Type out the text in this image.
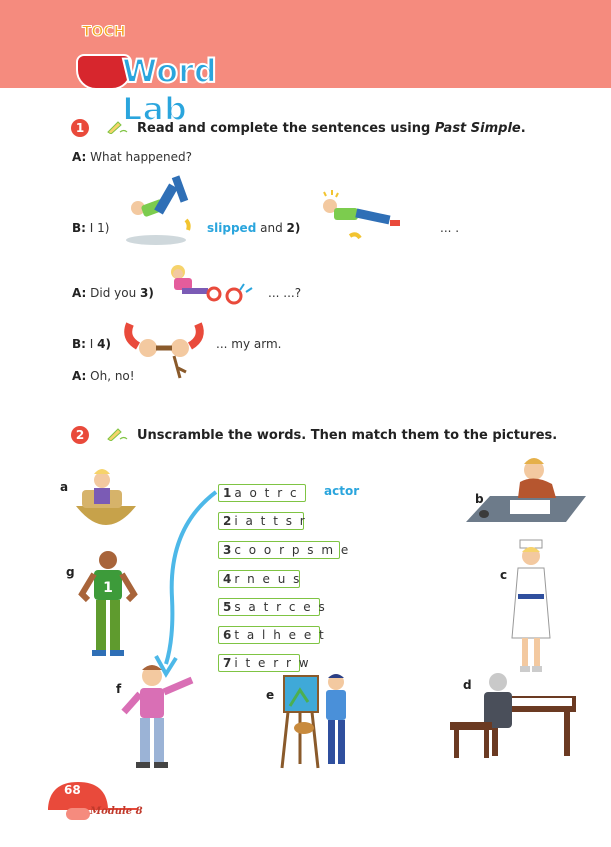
TOCH
Word Lab
1	Read and complete the sentences using Past Simple.
A: What happened?
B: I 1)	slipped and 2)	... .
A: Did you 3)	... ...?
B: I 4)	... my arm.
A: Oh, no!
2	Unscramble the words. Then match them to the pictures.
1 a o t r c	actor
2 i a t t s r
3 c o o r p s m e
4 r n e u s
5 s a t r c e s
6 t a l h e e t
7 i t e r r w
a
b
c
d
e
f
g
1
68
Module 8
